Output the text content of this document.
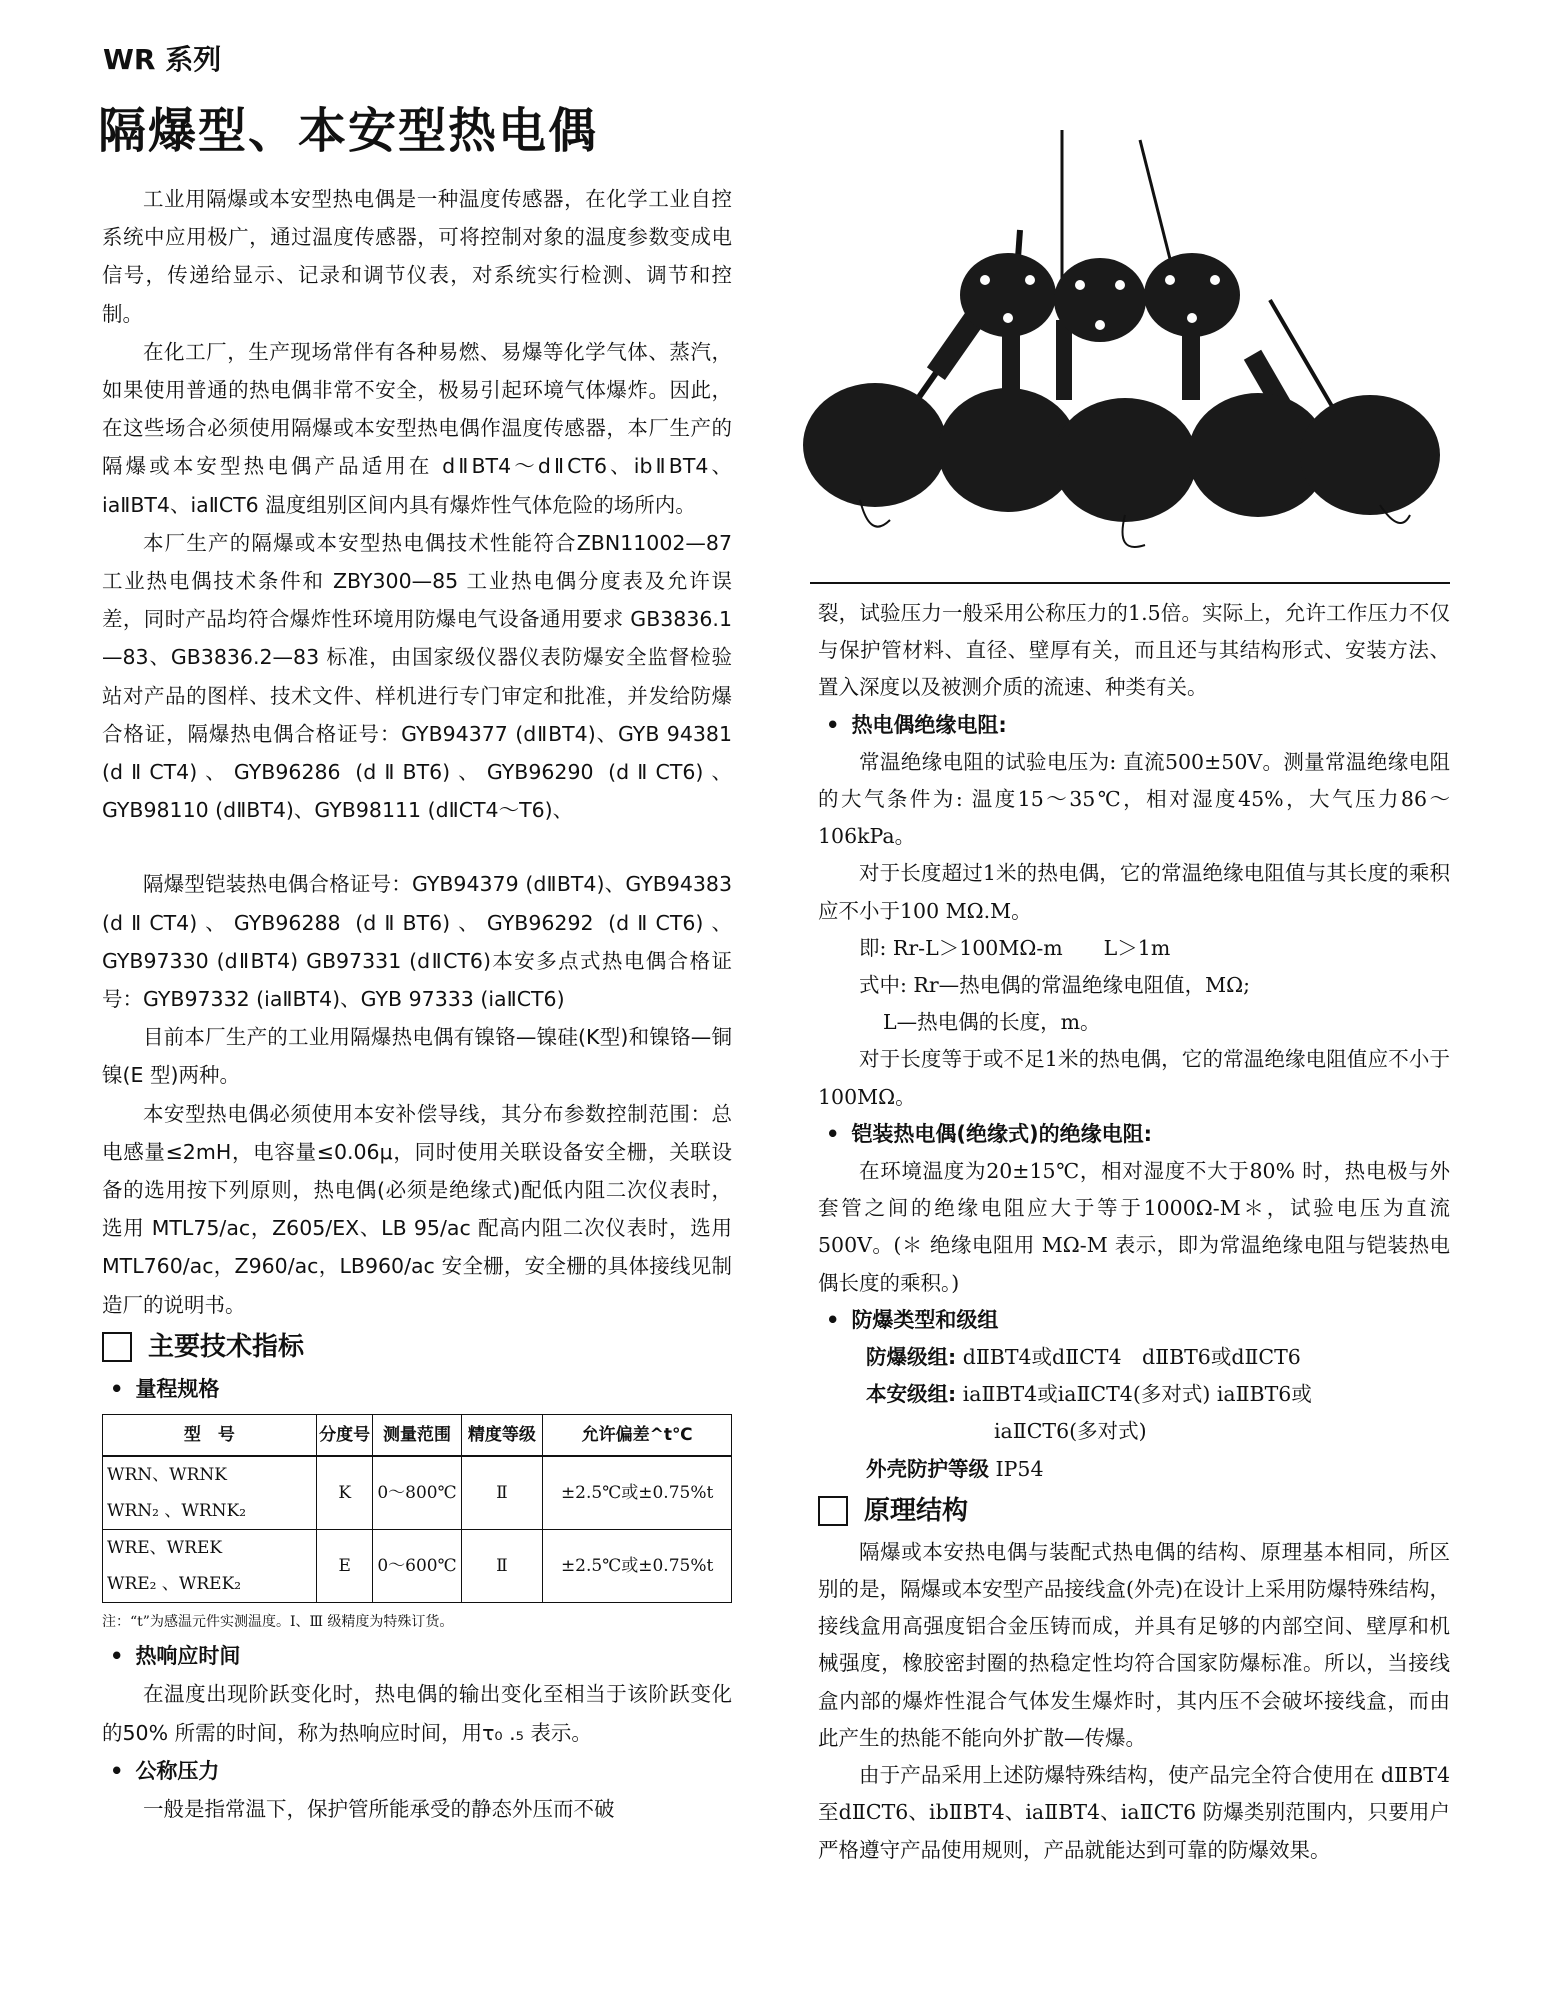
WR 系列
隔爆型、本安型热电偶

工业用隔爆或本安型热电偶是一种温度传感器，在化学工业自控系统中应用极广，通过温度传感器，可将控制对象的温度参数变成电信号，传递给显示、记录和调节仪表，对系统实行检测、调节和控制。

在化工厂，生产现场常伴有各种易燃、易爆等化学气体、蒸汽，如果使用普通的热电偶非常不安全，极易引起环境气体爆炸。因此，在这些场合必须使用隔爆或本安型热电偶作温度传感器，本厂生产的隔爆或本安型热电偶产品适用在 dⅡBT4～dⅡCT6、ibⅡBT4、iaⅡBT4、iaⅡCT6 温度组别区间内具有爆炸性气体危险的场所内。

本厂生产的隔爆或本安型热电偶技术性能符合ZBN11002—87 工业热电偶技术条件和 ZBY300—85 工业热电偶分度表及允许误差，同时产品均符合爆炸性环境用防爆电气设备通用要求 GB3836.1—83、GB3836.2—83 标准，由国家级仪器仪表防爆安全监督检验站对产品的图样、技术文件、样机进行专门审定和批准，并发给防爆合格证，隔爆热电偶合格证号：GYB94377 (dⅡBT4)、GYB 94381 (dⅡCT4)、GYB96286 (dⅡBT6)、GYB96290 (dⅡCT6)、GYB98110 (dⅡBT4)、GYB98111 (dⅡCT4～T6)、

隔爆型铠装热电偶合格证号：GYB94379 (dⅡBT4)、GYB94383 (dⅡCT4)、GYB96288 (dⅡBT6)、GYB96292 (dⅡCT6)、GYB97330 (dⅡBT4) GB97331 (dⅡCT6)本安多点式热电偶合格证号：GYB97332 (iaⅡBT4)、GYB 97333 (iaⅡCT6)

目前本厂生产的工业用隔爆热电偶有镍铬—镍硅(K型)和镍铬—铜镍(E 型)两种。

本安型热电偶必须使用本安补偿导线，其分布参数控制范围：总电感量≤2mH，电容量≤0.06μ，同时使用关联设备安全栅，关联设备的选用按下列原则，热电偶(必须是绝缘式)配低内阻二次仪表时，选用 MTL75/ac，Z605/EX、LB 95/ac 配高内阻二次仪表时，选用 MTL760/ac，Z960/ac，LB960/ac 安全栅，安全栅的具体接线见制造厂的说明书。

主要技术指标
• 量程规格
型　号	分度号	测量范围	精度等级	允许偏差^t℃

WRN、WRNK
WRN₂ 、WRNK₂	K	0～800℃	Ⅱ	±2.5℃或±0.75%t

WRE、WREK
WRE₂ 、WREK₂	E	0～600℃	Ⅱ	±2.5℃或±0.75%t
注：“t”为感温元件实测温度。Ⅰ、Ⅲ 级精度为特殊订货。
• 热响应时间

在温度出现阶跃变化时，热电偶的输出变化至相当于该阶跃变化的50% 所需的时间，称为热响应时间，用τ₀ .₅ 表示。

• 公称压力

一般是指常温下，保护管所能承受的静态外压而不破

裂，试验压力一般采用公称压力的1.5倍。实际上，允许工作压力不仅与保护管材料、直径、壁厚有关，而且还与其结构形式、安装方法、置入深度以及被测介质的流速、种类有关。

• 热电偶绝缘电阻:

常温绝缘电阻的试验电压为: 直流500±50V。测量常温绝缘电阻的大气条件为: 温度15～35℃，相对湿度45%，大气压力86～106kPa。

对于长度超过1米的热电偶，它的常温绝缘电阻值与其长度的乘积应不小于100 MΩ.M。

即: Rr-L＞100MΩ-m　　L＞1m

式中: Rr—热电偶的常温绝缘电阻值，MΩ;

L—热电偶的长度，m。

对于长度等于或不足1米的热电偶，它的常温绝缘电阻值应不小于100MΩ。

• 铠装热电偶(绝缘式)的绝缘电阻:

在环境温度为20±15℃，相对湿度不大于80% 时，热电极与外套管之间的绝缘电阻应大于等于1000Ω-M＊，试验电压为直流500V。(＊ 绝缘电阻用 MΩ-M 表示，即为常温绝缘电阻与铠装热电偶长度的乘积。)

• 防爆类型和级组
防爆级组: dⅡBT4或dⅡCT4　dⅡBT6或dⅡCT6
本安级组: iaⅡBT4或iaⅡCT4(多对式) iaⅡBT6或
iaⅡCT6(多对式)
外壳防护等级 IP54
原理结构

隔爆或本安热电偶与装配式热电偶的结构、原理基本相同，所区别的是，隔爆或本安型产品接线盒(外壳)在设计上采用防爆特殊结构，接线盒用高强度铝合金压铸而成，并具有足够的内部空间、壁厚和机械强度，橡胶密封圈的热稳定性均符合国家防爆标准。所以，当接线盒内部的爆炸性混合气体发生爆炸时，其内压不会破坏接线盒，而由此产生的热能不能向外扩散—传爆。

由于产品采用上述防爆特殊结构，使产品完全符合使用在 dⅡBT4 至dⅡCT6、ibⅡBT4、iaⅡBT4、iaⅡCT6 防爆类别范围内，只要用户严格遵守产品使用规则，产品就能达到可靠的防爆效果。
